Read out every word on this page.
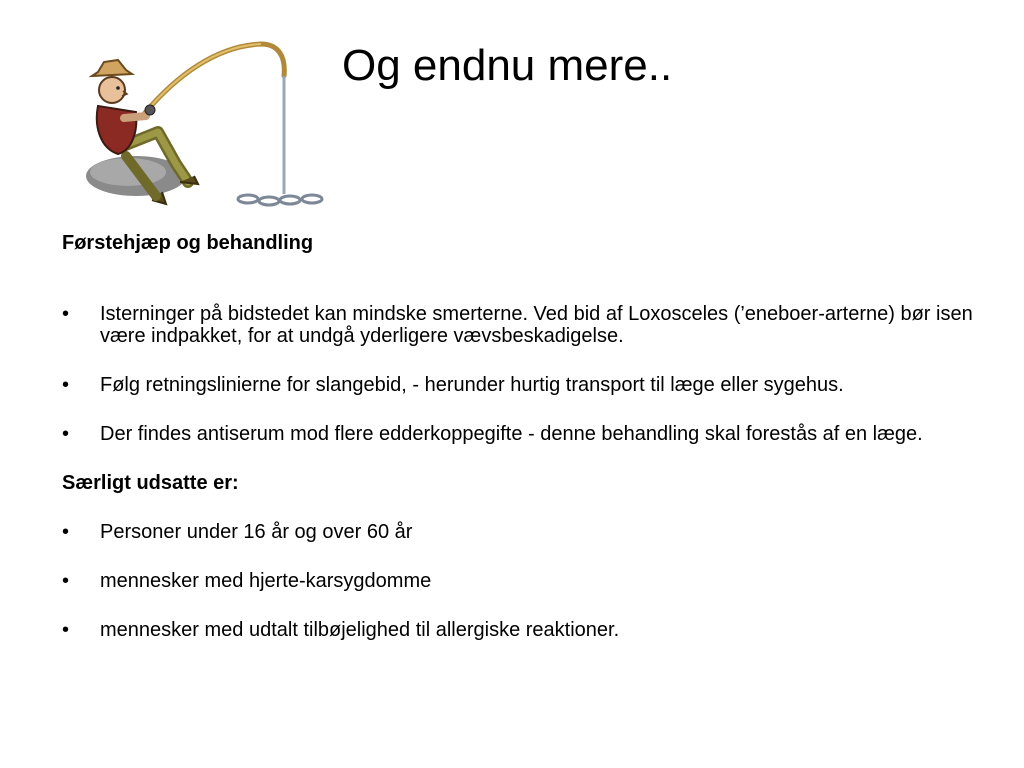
Og endnu mere..

Førstehjæp og behandling

• Isterninger på bidstedet kan mindske smerterne. Ved bid af Loxosceles (’eneboer-arterne) bør isen være indpakket, for at undgå yderligere vævsbeskadigelse.
• Følg retningslinierne for slangebid, - herunder hurtig transport til læge eller sygehus.
• Der findes antiserum mod flere edderkoppegifte - denne behandling skal forestås af en læge.

Særligt udsatte er:

• Personer under 16 år og over 60 år
• mennesker med hjerte-karsygdomme
• mennesker med udtalt tilbøjelighed til allergiske reaktioner.
